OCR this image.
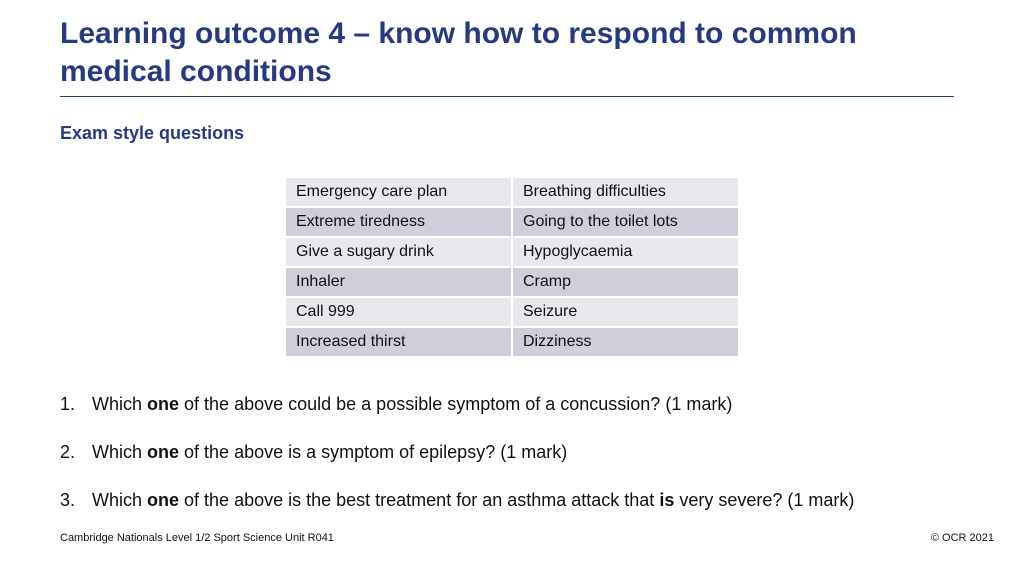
Learning outcome 4 – know how to respond to common medical conditions
Exam style questions
Emergency care plan	Breathing difficulties
Extreme tiredness	Going to the toilet lots
Give a sugary drink	Hypoglycaemia
Inhaler	Cramp
Call 999	Seizure
Increased thirst	Dizziness
1. Which one of the above could be a possible symptom of a concussion? (1 mark)
2. Which one of the above is a symptom of epilepsy? (1 mark)
3. Which one of the above is the best treatment for an asthma attack that is very severe? (1 mark)
Cambridge Nationals Level 1/2 Sport Science Unit R041	© OCR 2021
